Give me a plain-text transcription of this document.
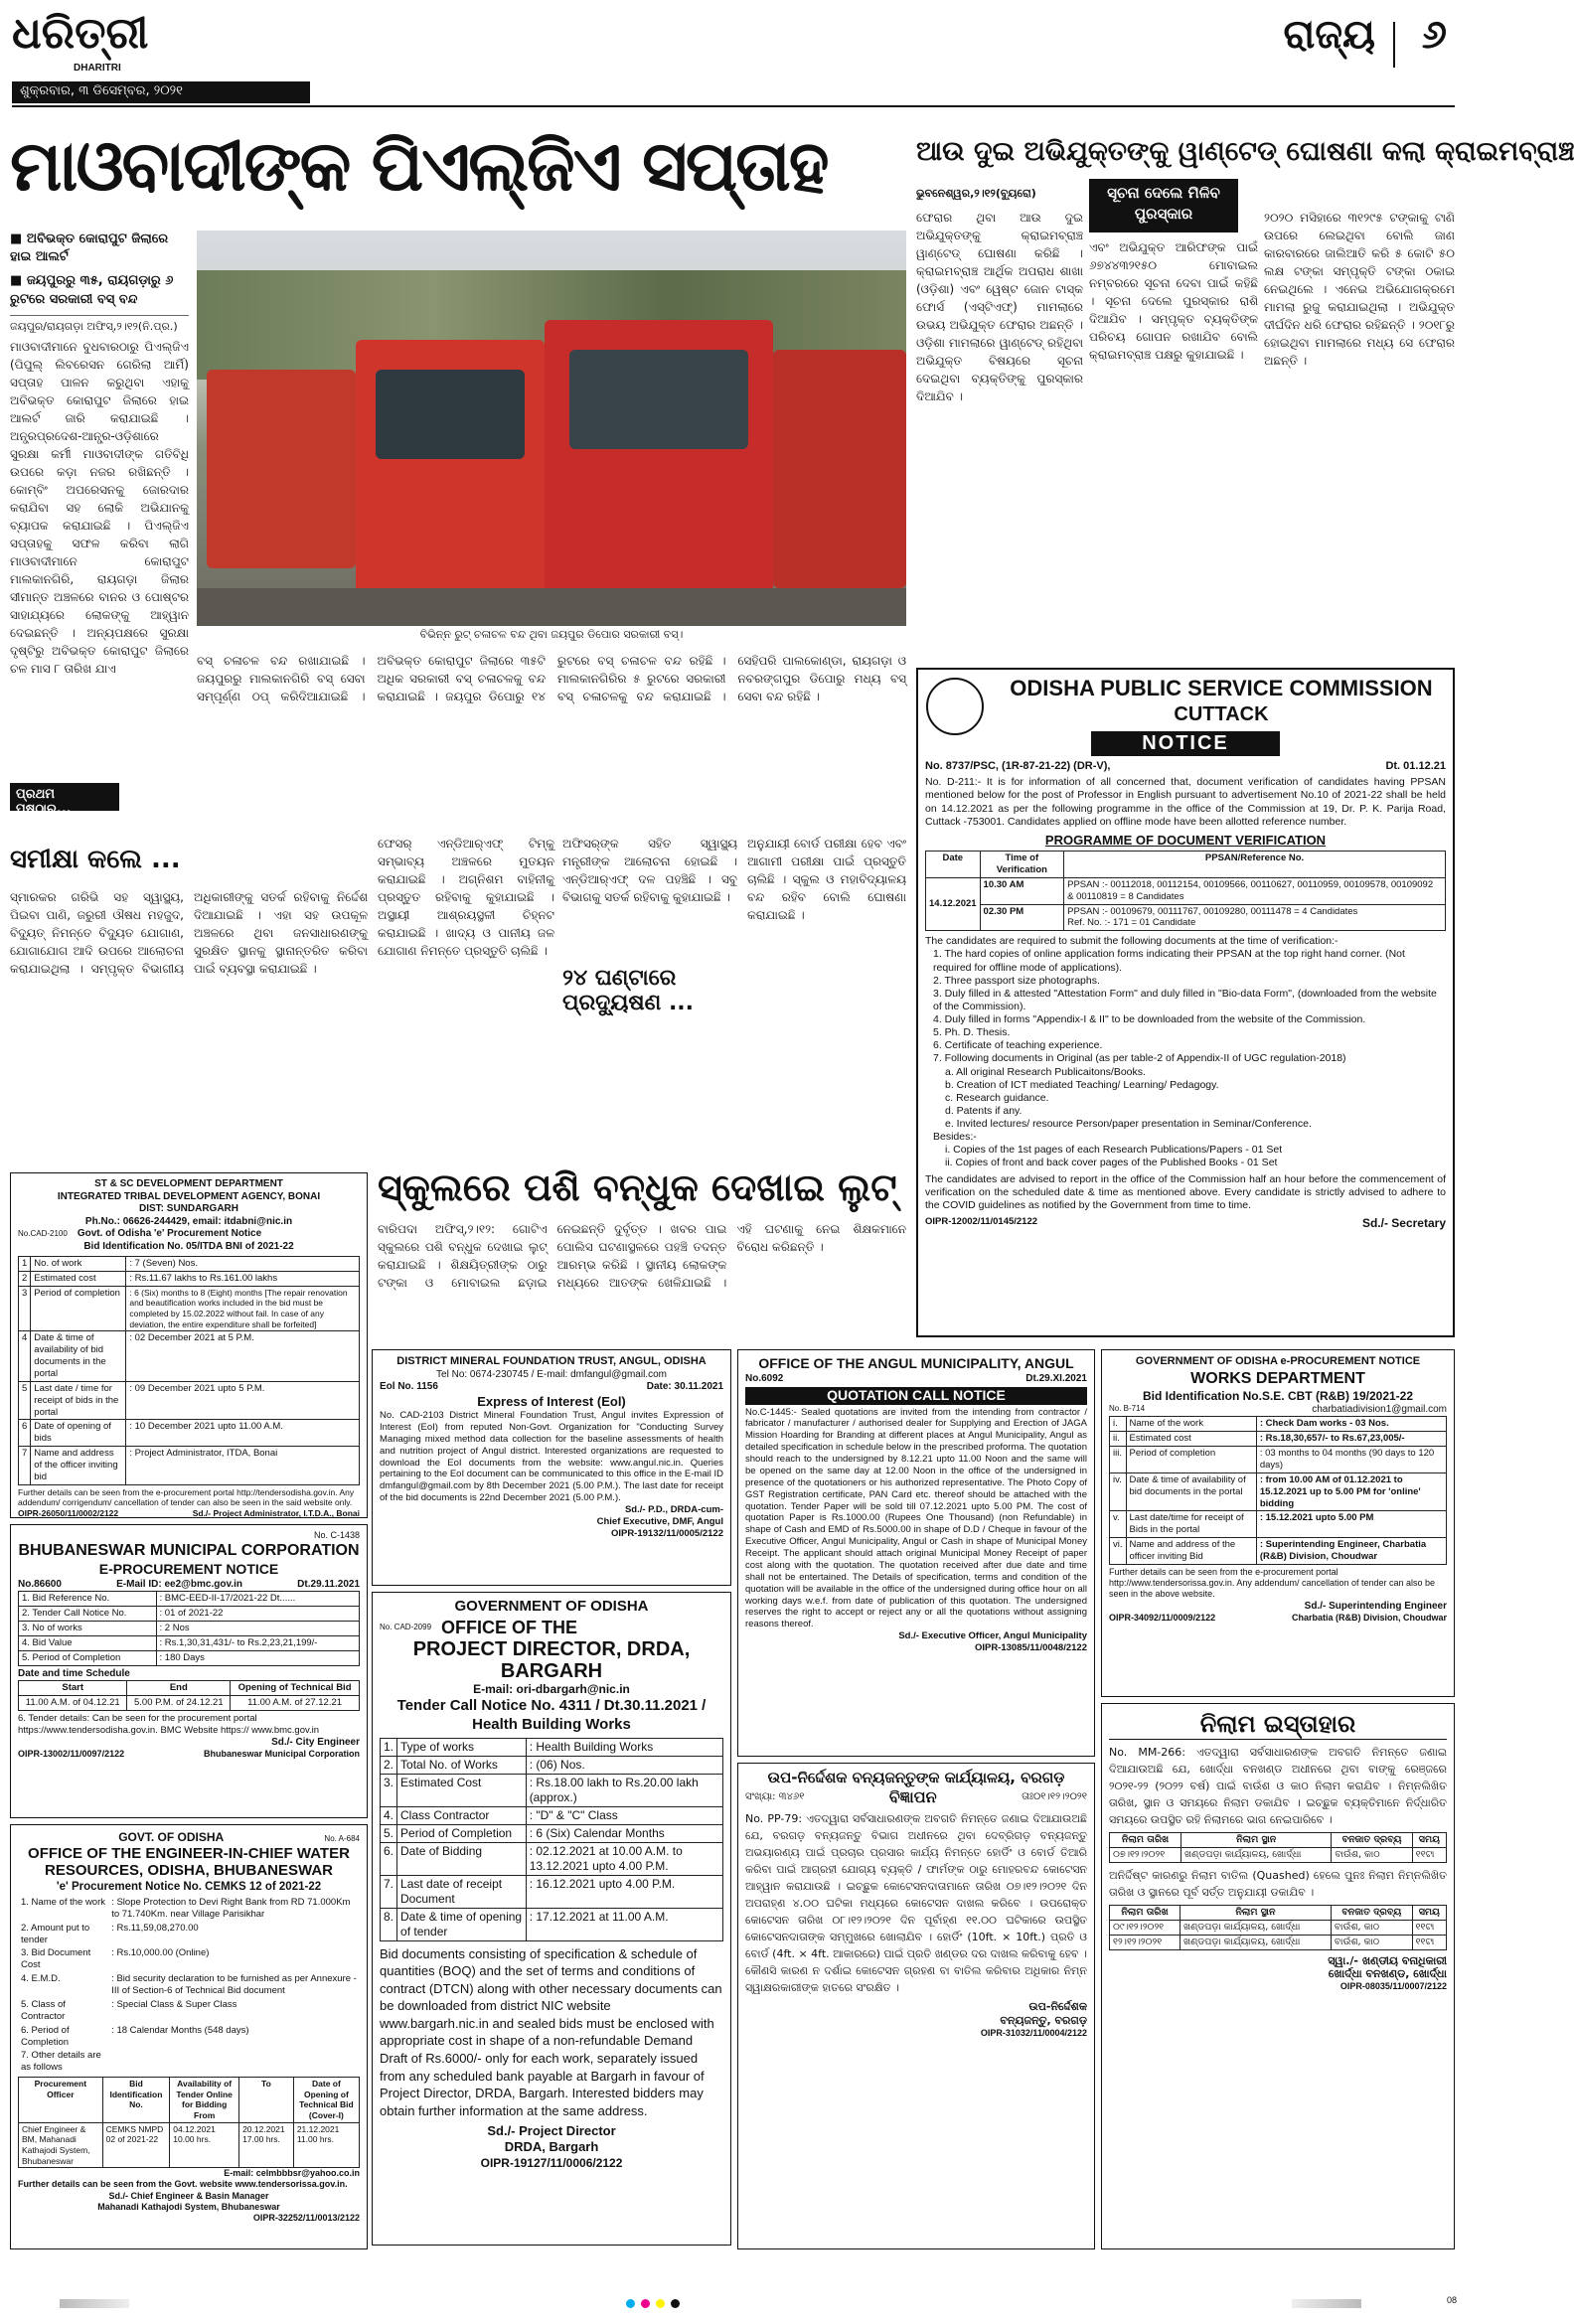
ଧରିତ୍ରୀ
DHARITRI
ଶୁକ୍ରବାର, ୩ ଡିସେମ୍ବର, ୨୦୨୧
ରାଜ୍ୟ ୬
ମାଓବାଦୀଙ୍କ ପିଏଲ୍‌ଜିଏ ସପ୍ତାହ
■ ଅବିଭକ୍ତ କୋରାପୁଟ ଜିଲାରେ ହାଇ ଆଲର୍ଟ
■ ଜୟପୁରରୁ ୩୫, ରାୟଗଡ଼ାରୁ ୬ ରୁଟରେ ସରକାରୀ ବସ୍‌ ବନ୍ଦ
ଜୟପୁର/ରାୟଗଡ଼ା ଅଫିସ୍‌,୨।୧୨(ନି.ପ୍ର.)
ମାଓବାଦୀମାନେ ବୁଧବାରଠାରୁ ପିଏଲ୍‌ଜିଏ (ପିପୁଲ୍‌ ଲିବରେସନ ଗେରିଲା ଆର୍ମି) ସପ୍ତାହ ପାଳନ କରୁଥିବା ଏହାକୁ ଅବିଭକ୍ତ କୋରାପୁଟ ଜିଲାରେ ହାଇ ଆଲର୍ଟ ଜାରି କରାଯାଇଛି । ଅନ୍ଧ୍ରପ୍ରଦେଶ-ଆନ୍ଧ୍ର-ଓଡ଼ିଶାରେ ସୁରକ୍ଷା କର୍ମୀ ମାଓବାଦୀଙ୍କ ଗତିବିଧି ଉପରେ କଡ଼ା ନଜର ରଖିଛନ୍ତି । କୋମ୍ବିଂ ଅପରେସନକୁ ଜୋରଦାର କରାଯିବା ସହ ଲୋକି ଅଭିଯାନକୁ ବ୍ୟାପକ କରାଯାଇଛି । ପିଏଲ୍‌ଜିଏ ସପ୍ତାହକୁ ସଫଳ କରିବା ଲାଗି ମାଓବାଦୀମାନେ କୋରାପୁଟ ମାଲକାନଗିରି, ରାୟଗଡ଼ା ଜିଲାର ସୀମାନ୍ତ ଅଞ୍ଚଳରେ ବାନର ଓ ପୋଷ୍ଟର ସାହାଯ୍ୟରେ ଲୋକଙ୍କୁ ଆହ୍ୱାନ ଦେଇଛନ୍ତି । ଅନ୍ୟପକ୍ଷରେ ସୁରକ୍ଷା ଦୃଷ୍ଟିରୁ ଅବିଭକ୍ତ କୋରାପୁଟ ଜିଲାରେ ଚଳ ମାସ ୮ ତାରିଖ ଯାଏ
ପ୍ରଥମ ପୃଷ୍ଠାରୁ...
ବିଭିନ୍ନ ରୁଟ୍‌ ଚଳାଚଳ ବନ୍ଦ ଥିବା ଜୟପୁର ଡିପୋର ସରକାରୀ ବସ୍‌।
ବସ୍‌ ଚଳାଚଳ ବନ୍ଦ ରଖାଯାଇଛି । ଜୟପୁରରୁ ମାଲକାନଗିରି ବସ୍‌ ସେବା ସମ୍ପୂର୍ଣ୍ଣ ଠପ୍‌ କରିଦିଆଯାଇଛି । ଅବିଭକ୍ତ କୋରାପୁଟ ଜିଲାରେ ୩୫ଟି ଅଧିକ ସରକାରୀ ବସ୍‌ ଚଳାଚଳକୁ ବନ୍ଦ କରାଯାଇଛି । ଜୟପୁର ଡିପୋରୁ ୧୪ ରୁଟରେ ବସ୍‌ ଚଳାଚଳ ବନ୍ଦ ରହିଛି । ମାଲକାନଗିରିର ୫ ରୁଟରେ ସରକାରୀ ବସ୍‌ ଚଳାଚଳକୁ ବନ୍ଦ କରାଯାଇଛି । ସେହିପରି ପାଲକୋଣ୍ଡା, ରାୟଗଡ଼ା ଓ ନବରଙ୍ଗପୁର ଡିପୋରୁ ମଧ୍ୟ ବସ୍‌ ସେବା ବନ୍ଦ ରହିଛି ।
ଆଉ ଦୁଇ ଅଭିଯୁକ୍ତଙ୍କୁ ୱାଣ୍ଟେଡ୍‌ ଘୋଷଣା କଲା କ୍ରାଇମବ୍ରାଞ୍ଚ
ଭୁବନେଶ୍ୱର,୨।୧୨(ବ୍ୟୁରୋ)	ସୂଚନା ଦେଲେ ମିଳିବ ପୁରସ୍କାର
ଫେରାର ଥିବା ଆଉ ଦୁଇ ଅଭିଯୁକ୍ତଙ୍କୁ କ୍ରାଇମବ୍ରାଞ୍ଚ ୱାଣ୍ଟେଡ୍‌ ଘୋଷଣା କରିଛି । କ୍ରାଇମବ୍ରାଞ୍ଚ ଆର୍ଥିକ ଅପରାଧ ଶାଖା (ଓଡ଼ିଶା) ଏବଂ ୱେଷ୍ଟ ଜୋନ ଟାସ୍କ ଫୋର୍ସ (ଏସ୍‌ଟିଏଫ୍‌) ମାମଲାରେ ଉଭୟ ଅଭିଯୁକ୍ତ ଫେରାର ଅଛନ୍ତି । ଓଡ଼ିଶା ମାମଲାରେ ୱାଣ୍ଟେଡ୍‌ ରହିଥିବା ଅଭିଯୁକ୍ତ ବିଷୟରେ ସୂଚନା ଦେଇଥିବା ବ୍ୟକ୍ତିଙ୍କୁ ପୁରସ୍କାର ଦିଆଯିବ ।
ଏବଂ ଅଭିଯୁକ୍ତ ଆରିଫଙ୍କ ପାଇଁ ୬୭୪୪୩୨୧୫୦ ମୋବାଇଲ ନମ୍ବରରେ ସୂଚନା ଦେବା ପାଇଁ କହିଛି । ସୂଚନା ଦେଲେ ପୁରସ୍କାର ରାଶି ଦିଆଯିବ । ସମ୍ପୃକ୍ତ ବ୍ୟକ୍ତିଙ୍କ ପରିଚୟ ଗୋପନ ରଖାଯିବ ବୋଲି କ୍ରାଇମବ୍ରାଞ୍ଚ ପକ୍ଷରୁ କୁହାଯାଇଛି ।
୨୦୨୦ ମସିହାରେ ୩୧୨୯୫ ଟଙ୍କାକୁ ଟାଣି ଉପରେ ଲେଇଥିବା ବୋଲି ଜାଣ କାରବାରରେ ଜାଲିଆତି କରି ୫ କୋଟି ୫୦ ଲକ୍ଷ ଟଙ୍କା ସମ୍ପୃକ୍ତି ଟଙ୍କା ଠକାଇ ନେଇଥିଲେ । ଏନେଇ ଅଭିଯୋଗକ୍ରମେ ମାମଲା ରୁଜୁ କରାଯାଇଥିଲା । ଅଭିଯୁକ୍ତ ଦୀର୍ଘଦିନ ଧରି ଫେରାର ରହିଛନ୍ତି । ୨୦୧୮ରୁ ହୋଇଥିବା ମାମଲାରେ ମଧ୍ୟ ସେ ଫେରାର ଅଛନ୍ତି ।
ସମୀକ୍ଷା କଲେ ...
ସ୍ମାରକର ଗରିଭି ସହ ସ୍ୱାସ୍ଥ୍ୟ, ପିଇବା ପାଣି, ଜରୁରୀ ଔଷଧ ମହଜୁଦ, ବିଦ୍ୟୁତ୍‌ ନିମନ୍ତେ ବିଦ୍ୟୁତ ଯୋଗାଣ, ଯୋଗାଯୋଗ ଆଦି ଉପରେ ଆଲୋଚନା କରାଯାଇଥିଲା । ସମ୍ପୃକ୍ତ ବିଭାଗୀୟ ଅଧିକାରୀଙ୍କୁ ସତର୍କ ରହିବାକୁ ନିର୍ଦ୍ଦେଶ ଦିଆଯାଇଛି । ଏହା ସହ ଉପକୂଳ ଅଞ୍ଚଳରେ ଥିବା ଜନସାଧାରଣଙ୍କୁ ସୁରକ୍ଷିତ ସ୍ଥାନକୁ ସ୍ଥାନାନ୍ତରିତ କରିବା ପାଇଁ ବ୍ୟବସ୍ଥା କରାଯାଇଛି ।
ଫେସର୍‌ ଏନ୍‌ଡିଆର୍‌ଏଫ୍‌ ଟିମ୍‌କୁ ସମ୍ଭାବ୍ୟ ଅଞ୍ଚଳରେ ମୁତୟନ କରାଯାଇଛି । ଅଗ୍ନିଶମ ବାହିନୀକୁ ପ୍ରସ୍ତୁତ ରହିବାକୁ କୁହାଯାଇଛି । ଅସ୍ଥାୟୀ ଆଶ୍ରୟସ୍ଥଳୀ ଚିହ୍ନଟ କରାଯାଇଛି । ଖାଦ୍ୟ ଓ ପାନୀୟ ଜଳ ଯୋଗାଣ ନିମନ୍ତେ ପ୍ରସ୍ତୁତି ଚାଲିଛି ।
ଅଫିସର୍‌ଙ୍କ ସହିତ ସ୍ୱାସ୍ଥ୍ୟ ମନ୍ତ୍ରୀଙ୍କ ଆଲୋଚନା ହୋଇଛି । ଏନ୍‌ଡିଆର୍‌ଏଫ୍‌ ଦଳ ପହଞ୍ଚିଛି । ସବୁ ବିଭାଗକୁ ସତର୍କ ରହିବାକୁ କୁହାଯାଇଛି ।
୨୪ ଘଣ୍ଟାରେ ପ୍ରଦ୍ୟୁଷଣ ...
ଅନୁଯାୟୀ ବୋର୍ଡ ପରୀକ୍ଷା ହେବ ଏବଂ ଆଗାମୀ ପରୀକ୍ଷା ପାଇଁ ପ୍ରସ୍ତୁତି ଚାଲିଛି । ସ୍କୁଲ ଓ ମହାବିଦ୍ୟାଳୟ ବନ୍ଦ ରହିବ ବୋଲି ଘୋଷଣା କରାଯାଇଛି ।
ସ୍କୁଲରେ ପଶି ବନ୍ଧୁକ ଦେଖାଇ ଲୁଟ୍‌
ବାରିପଦା ଅଫିସ୍‌,୨।୧୨: ଗୋଟିଏ ସ୍କୁଲରେ ପଶି ବନ୍ଧୁକ ଦେଖାଇ ଲୁଟ୍‌ କରାଯାଇଛି । ଶିକ୍ଷୟିତ୍ରୀଙ୍କ ଠାରୁ ଟଙ୍କା ଓ ମୋବାଇଲ ଛଡ଼ାଇ ନେଇଛନ୍ତି ଦୁର୍ବୃତ୍ତ । ଖବର ପାଇ ପୋଲିସ ଘଟଣାସ୍ଥଳରେ ପହଞ୍ଚି ତଦନ୍ତ ଆରମ୍ଭ କରିଛି । ସ୍ଥାନୀୟ ଲୋକଙ୍କ ମଧ୍ୟରେ ଆତଙ୍କ ଖେଳିଯାଇଛି । ଏହି ଘଟଣାକୁ ନେଇ ଶିକ୍ଷକମାନେ ବିରୋଧ କରିଛନ୍ତି ।
ODISHA PUBLIC SERVICE COMMISSION
CUTTACK
NOTICE
No. 8737/PSC, (1R-87-21-22) (DR-V),	Dt. 01.12.21
No. D-211:- It is for information of all concerned that, document verification of candidates having PPSAN mentioned below for the post of Professor in English pursuant to advertisement No.10 of 2021-22 shall be held on 14.12.2021 as per the following programme in the office of the Commission at 19, Dr. P. K. Parija Road, Cuttack -753001. Candidates applied on offline mode have been allotted reference number.
PROGRAMME OF DOCUMENT VERIFICATION
Date	Time of Verification	PPSAN/Reference No.
14.12.2021	10.30 AM	PPSAN :- 00112018, 00112154, 00109566, 00110627, 00110959, 00109578, 00109092 & 00110819 = 8 Candidates
	02.30 PM	PPSAN :- 00109679, 00111767, 00109280, 00111478 = 4 Candidates
Ref. No. :- 171 = 01 Candidate
The candidates are required to submit the following documents at the time of verification:-
1. The hard copies of online application forms indicating their PPSAN at the top right hand corner. (Not required for offline mode of applications).
2. Three passport size photographs.
3. Duly filled in & attested "Attestation Form" and duly filled in "Bio-data Form", (downloaded from the website of the Commission).
4. Duly filled in forms "Appendix-I & II" to be downloaded from the website of the Commission.
5. Ph. D. Thesis.
6. Certificate of teaching experience.
7. Following documents in Original (as per table-2 of Appendix-II of UGC regulation-2018)
a. All original Research Publicaitons/Books.
b. Creation of ICT mediated Teaching/ Learning/ Pedagogy.
c. Research guidance.
d. Patents if any.
e. Invited lectures/ resource Person/paper presentation in Seminar/Conference.
Besides:-
i. Copies of the 1st pages of each Research Publications/Papers - 01 Set
ii. Copies of front and back cover pages of the Published Books - 01 Set
The candidates are advised to report in the office of the Commission half an hour before the commencement of verification on the scheduled date & time as mentioned above. Every candidate is strictly advised to adhere to the COVID guidelines as notified by the Government from time to time.
OIPR-12002/11/0145/2122	Sd./- Secretary
ST & SC DEVELOPMENT DEPARTMENT
INTEGRATED TRIBAL DEVELOPMENT AGENCY, BONAI
DIST: SUNDARGARH
Ph.No.: 06626-244429, email: itdabni@nic.in
No.CAD-2100 Govt. of Odisha 'e' Procurement Notice
Bid Identification No. 05/ITDA BNI of 2021-22
1	No. of work	: 7 (Seven) Nos.
2	Estimated cost	: Rs.11.67 lakhs to Rs.161.00 lakhs
3	Period of completion	: 6 (Six) months to 8 (Eight) months [The repair renovation and beautification works included in the bid must be completed by 15.02.2022 without fail. In case of any deviation, the entire expenditure shall be forfeited]
4	Date & time of availability of bid documents in the portal	: 02 December 2021 at 5 P.M.
5	Last date / time for receipt of bids in the portal	: 09 December 2021 upto 5 P.M.
6	Date of opening of bids	: 10 December 2021 upto 11.00 A.M.
7	Name and address of the officer inviting bid	: Project Administrator, ITDA, Bonai
Further details can be seen from the e-procurement portal http://tendersodisha.gov.in. Any addendum/ corrigendum/ cancellation of tender can also be seen in the said website only.
OIPR-26050/11/0002/2122	Sd./- Project Administrator, I.T.D.A., Bonai
DISTRICT MINERAL FOUNDATION TRUST, ANGUL, ODISHA
Tel No: 0674-230745 / E-mail: dmfangul@gmail.com
Eol No. 1156	Date: 30.11.2021
Express of Interest (Eol)
No. CAD-2103 District Mineral Foundation Trust, Angul invites Expression of Interest (EoI) from reputed Non-Govt. Organization for "Conducting Survey Managing mixed method data collection for the baseline assessments of health and nutrition project of Angul district. Interested organizations are requested to download the EoI documents from the website: www.angul.nic.in. Queries pertaining to the EoI document can be communicated to this office in the E-mail ID dmfangul@gmail.com by 8th December 2021 (5.00 P.M.). The last date for receipt of the bid documents is 22nd December 2021 (5.00 P.M.).
Sd./- P.D., DRDA-cum-
Chief Executive, DMF, Angul
OIPR-19132/11/0005/2122
OFFICE OF THE ANGUL MUNICIPALITY, ANGUL
No.6092	Dt.29.XI.2021
QUOTATION CALL NOTICE
No.C-1445:- Sealed quotations are invited from the intending from contractor / fabricator / manufacturer / authorised dealer for Supplying and Erection of JAGA Mission Hoarding for Branding at different places at Angul Municipality, Angul as detailed specification in schedule below in the prescribed proforma. The quotation should reach to the undersigned by 8.12.21 upto 11.00 Noon and the same will be opened on the same day at 12.00 Noon in the office of the undersigned in presence of the quotationers or his authorized representative. The Photo Copy of GST Registration certificate, PAN Card etc. thereof should be attached with the quotation. Tender Paper will be sold till 07.12.2021 upto 5.00 PM. The cost of quotation Paper is Rs.1000.00 (Rupees One Thousand) (non Refundable) in shape of Cash and EMD of Rs.5000.00 in shape of D.D / Cheque in favour of the Executive Officer, Angul Municipality, Angul or Cash in shape of Municipal Money Receipt. The applicant should attach original Municipal Money Receipt of paper cost along with the quotation. The quotation received after due date and time shall not be entertained. The Details of specification, terms and condition of the quotation will be available in the office of the undersigned during office hour on all working days w.e.f. from date of publication of this quotation. The undersigned reserves the right to accept or reject any or all the quotations without assigning reasons thereof.
Sd./- Executive Officer, Angul Municipality
OIPR-13085/11/0048/2122
GOVERNMENT OF ODISHA e-PROCUREMENT NOTICE
WORKS DEPARTMENT
Bid Identification No.S.E. CBT (R&B) 19/2021-22
No. B-714	charbatiadivision1@gmail.com
i.	Name of the work	: Check Dam works - 03 Nos.
ii.	Estimated cost	: Rs.18,30,657/- to Rs.67,23,005/-
iii.	Period of completion	: 03 months to 04 months (90 days to 120 days)
iv.	Date & time of availability of bid documents in the portal	: from 10.00 AM of 01.12.2021 to 15.12.2021 up to 5.00 PM for 'online' bidding
v.	Last date/time for receipt of Bids in the portal	: 15.12.2021 upto 5.00 PM
vi.	Name and address of the officer inviting Bid	: Superintending Engineer, Charbatia (R&B) Division, Choudwar
Further details can be seen from the e-procurement portal http://www.tendersorissa.gov.in. Any addendum/ cancellation of tender can also be seen in the above website.
Sd./- Superintending Engineer
OIPR-34092/11/0009/2122	Charbatia (R&B) Division, Choudwar
No. C-1438
BHUBANESWAR MUNICIPAL CORPORATION
E-PROCUREMENT NOTICE
No.86600	E-Mail ID: ee2@bmc.gov.in	Dt.29.11.2021
1. Bid Reference No.	: BMC-EED-II-17/2021-22 Dt......
2. Tender Call Notice No.	: 01 of 2021-22
3. No of works	: 2 Nos
4. Bid Value	: Rs.1,30,31,431/- to Rs.2,23,21,199/-
5. Period of Completion	: 180 Days
Date and time Schedule
Start	End	Opening of Technical Bid
11.00 A.M. of 04.12.21	5.00 P.M. of 24.12.21	11.00 A.M. of 27.12.21
6. Tender details: Can be seen for the procurement portal https://www.tendersodisha.gov.in. BMC Website https:// www.bmc.gov.in
Sd./- City Engineer
OIPR-13002/11/0097/2122	Bhubaneswar Municipal Corporation
GOVERNMENT OF ODISHA
No. CAD-2099 OFFICE OF THE
PROJECT DIRECTOR, DRDA, BARGARH
E-mail: ori-dbargarh@nic.in
Tender Call Notice No. 4311 / Dt.30.11.2021 / Health Building Works
1.	Type of works	: Health Building Works
2.	Total No. of Works	: (06) Nos.
3.	Estimated Cost	: Rs.18.00 lakh to Rs.20.00 lakh (approx.)
4.	Class Contractor	: "D" & "C" Class
5.	Period of Completion	: 6 (Six) Calendar Months
6.	Date of Bidding	: 02.12.2021 at 10.00 A.M. to 13.12.2021 upto 4.00 P.M.
7.	Last date of receipt Document	: 16.12.2021 upto 4.00 P.M.
8.	Date & time of opening of tender	: 17.12.2021 at 11.00 A.M.
Bid documents consisting of specification & schedule of quantities (BOQ) and the set of terms and conditions of contract (DTCN) along with other necessary documents can be downloaded from district NIC website www.bargarh.nic.in and sealed bids must be enclosed with appropriate cost in shape of a non-refundable Demand Draft of Rs.6000/- only for each work, separately issued from any scheduled bank payable at Bargarh in favour of Project Director, DRDA, Bargarh. Interested bidders may obtain further information at the same address.
Sd./- Project Director
DRDA, Bargarh
OIPR-19127/11/0006/2122
GOVT. OF ODISHA	No. A-684
OFFICE OF THE ENGINEER-IN-CHIEF WATER RESOURCES, ODISHA, BHUBANESWAR
'e' Procurement Notice No. CEMKS 12 of 2021-22
1. Name of the work	: Slope Protection to Devi Right Bank from RD 71.000Km to 71.740Km. near Village Parisikhar
2. Amount put to tender	: Rs.11,59,08,270.00
3. Bid Document Cost	: Rs.10,000.00 (Online)
4. E.M.D.	: Bid security declaration to be furnished as per Annexure - III of Section-6 of Technical Bid document
5. Class of Contractor	: Special Class & Super Class
6. Period of Completion	: 18 Calendar Months (548 days)
7. Other details are as follows	
Procurement Officer	Bid Identification No.	Availability of Tender Online for Bidding From	To	Date of Opening of Technical Bid (Cover-I)
Chief Engineer & BM, Mahanadi Kathajodi System, Bhubaneswar	CEMKS NMPD 02 of 2021-22	04.12.2021 10.00 hrs.	20.12.2021 17.00 hrs.	21.12.2021 11.00 hrs.
E-mail: celmbbbsr@yahoo.co.in
Further details can be seen from the Govt. website www.tendersorissa.gov.in.
Sd./- Chief Engineer & Basin Manager
Mahanadi Kathajodi System, Bhubaneswar
OIPR-32252/11/0013/2122
ଉପ-ନିର୍ଦ୍ଦେଶକ ବନ୍ୟଜନ୍ତୁଙ୍କ କାର୍ଯ୍ୟାଳୟ, ବରଗଡ଼
ସଂଖ୍ୟା: ୩୪୬୧	ବିଜ୍ଞାପନ	ତାଃ୦୧।୧୨।୨୦୨୧
No. PP-79: ଏତଦ୍ୱାରା ସର୍ବସାଧାରଣଙ୍କ ଅବଗତି ନିମନ୍ତେ ଜଣାଇ ଦିଆଯାଉଅଛି ଯେ, ବରଗଡ଼ ବନ୍ୟଜନ୍ତୁ ବିଭାଗ ଅଧୀନରେ ଥିବା ଦେବ୍ରିଗଡ଼ ବନ୍ୟଜନ୍ତୁ ଅଭୟାରଣ୍ୟ ପାଇଁ ପ୍ରଚାର ପ୍ରସାର କାର୍ଯ୍ୟ ନିମନ୍ତେ ହୋର୍ଡିଂ ଓ ବୋର୍ଡ ତିଆରି କରିବା ପାଇଁ ଆଗ୍ରହୀ ଯୋଗ୍ୟ ବ୍ୟକ୍ତି / ଫାର୍ମଙ୍କ ଠାରୁ ମୋହରବନ୍ଦ କୋଟେସନ ଆହ୍ୱାନ କରାଯାଉଛି । ଇଚ୍ଛୁକ କୋଟେସନଦାତାମାନେ ତାରିଖ ୦୭।୧୨।୨୦୨୧ ଦିନ ଅପରାହ୍ଣ ୪.୦୦ ଘଟିକା ମଧ୍ୟରେ କୋଟେସନ ଦାଖଲ କରିବେ । ଉପରୋକ୍ତ କୋଟେସନ ତାରିଖ ୦୮।୧୨।୨୦୨୧ ଦିନ ପୂର୍ବାହ୍ଣ ୧୧.୦୦ ଘଟିକାରେ ଉପସ୍ଥିତ କୋଟେସନଦାତାଙ୍କ ସମ୍ମୁଖରେ ଖୋଲାଯିବ । ହୋର୍ଡିଂ (10ft. × 10ft.) ପ୍ରତି ଓ ବୋର୍ଡ (4ft. × 4ft. ଆକାରରେ) ପାଇଁ ପ୍ରତି ଖଣ୍ଡର ଦର ଦାଖଲ କରିବାକୁ ହେବ । କୌଣସି କାରଣ ନ ଦର୍ଶାଇ କୋଟେସନ ଗ୍ରହଣ ବା ବାତିଲ କରିବାର ଅଧିକାର ନିମ୍ନ ସ୍ୱାକ୍ଷରକାରୀଙ୍କ ହାତରେ ସଂରକ୍ଷିତ ।
ଉପ-ନିର୍ଦ୍ଦେଶକ
ବନ୍ୟଜନ୍ତୁ, ବରଗଡ଼
OIPR-31032/11/0004/2122
ନିଲାମ ଇସ୍ତାହାର
No. MM-266: ଏତଦ୍ୱାରା ସର୍ବସାଧାରଣଙ୍କ ଅବଗତି ନିମନ୍ତେ ଜଣାଇ ଦିଆଯାଉଅଛି ଯେ, ଖୋର୍ଦ୍ଧା ବନଖଣ୍ଡ ଅଧୀନରେ ଥିବା ବାଙ୍କୁ ରେଞ୍ଜରେ ୨୦୨୧-୨୨ (୨୦୨୨ ବର୍ଷ) ପାଇଁ ବାଉଁଶ ଓ କାଠ ନିଲାମ କରାଯିବ । ନିମ୍ନଲିଖିତ ତାରିଖ, ସ୍ଥାନ ଓ ସମୟରେ ନିଲାମ ଡକାଯିବ । ଇଚ୍ଛୁକ ବ୍ୟକ୍ତିମାନେ ନିର୍ଦ୍ଧାରିତ ସମୟରେ ଉପସ୍ଥିତ ରହି ନିଲାମରେ ଭାଗ ନେଇପାରିବେ ।
ନିଲାମ ତାରିଖ	ନିଲାମ ସ୍ଥାନ	ବନଜାତ ଦ୍ରବ୍ୟ	ସମୟ
୦୭।୧୨।୨୦୨୧	ଖଣ୍ଡପଡ଼ା କାର୍ଯ୍ୟାଳୟ, ଖୋର୍ଦ୍ଧା	ବାଉଁଶ, କାଠ	୧୧ଟା
ଅନିର୍ଦ୍ଦିଷ୍ଟ କାରଣରୁ ନିଲାମ ବାତିଲ (Quashed) ହେଲେ ପୁନଃ ନିଲାମ ନିମ୍ନଲିଖିତ ତାରିଖ ଓ ସ୍ଥାନରେ ପୂର୍ବ ସର୍ତ୍ତ ଅନୁଯାୟୀ ଡକାଯିବ ।
ନିଲାମ ତାରିଖ	ନିଲାମ ସ୍ଥାନ	ବନଜାତ ଦ୍ରବ୍ୟ	ସମୟ
୦୯।୧୨।୨୦୨୧	ଖଣ୍ଡପଡ଼ା କାର୍ଯ୍ୟାଳୟ, ଖୋର୍ଦ୍ଧା	ବାଉଁଶ, କାଠ	୧୧ଟା
୧୨।୧୨।୨୦୨୧	ଖଣ୍ଡପଡ଼ା କାର୍ଯ୍ୟାଳୟ, ଖୋର୍ଦ୍ଧା	ବାଉଁଶ, କାଠ	୧୧ଟା
ସ୍ୱା./- ଖଣ୍ଡୀୟ ବନାଧିକାରୀ
ଖୋର୍ଦ୍ଧା ବନଖଣ୍ଡ, ଖୋର୍ଦ୍ଧା
OIPR-08035/11/0007/2122
08
